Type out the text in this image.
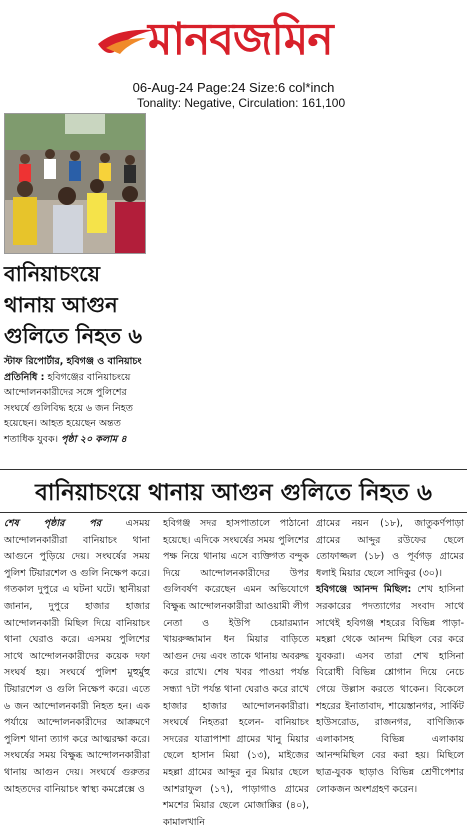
মানবজমিন
06-Aug-24 Page:24 Size:6 col*inch
Tonality: Negative, Circulation: 161,100
বানিয়াচংয়ে
থানায় আগুন
গুলিতে নিহত ৬
স্টাফ রিপোর্টার, হবিগঞ্জ ও বানিয়াচং প্রতিনিধি : হবিগঞ্জের বানিয়াচংয়ে আন্দোলনকারীদের সঙ্গে পুলিশের সংঘর্ষে গুলিবিদ্ধ হয়ে ৬ জন নিহত হয়েছেন। আহত হয়েছেন অন্তত শতাধিক যুবক। পৃষ্ঠা ২০ কলাম ৪
বানিয়াচংয়ে থানায় আগুন গুলিতে নিহত ৬
শেষ পৃষ্ঠার পর	এসময় আন্দোলনকারীরা বানিয়াচং থানা আগুনে পুড়িয়ে দেয়। সংঘর্ষের সময় পুলিশ টিয়ারশেল ও গুলি নিক্ষেপ করে। গতকাল দুপুরে এ ঘটনা ঘটে। স্থানীয়রা জানান, দুপুরে হাজার হাজার আন্দোলনকারী মিছিল দিয়ে বানিয়াচং থানা ঘেরাও করে। এসময় পুলিশের সাথে আন্দোলনকারীদের কয়েক দফা সংঘর্ষ হয়। সংঘর্ষে পুলিশ মুহুর্মুহু টিয়ারশেল ও গুলি নিক্ষেপ করে। এতে ৬ জন আন্দোলনকারী নিহত হন। এক পর্যায়ে আন্দোলনকারীদের আক্রমণে পুলিশ থানা ত্যাগ করে আত্মরক্ষা করে। সংঘর্ষের সময় বিক্ষুব্ধ আন্দোলনকারীরা থানায় আগুন দেয়। সংঘর্ষে গুরুতর আহতদের বানিয়াচং স্বাস্থ্য কমপ্লেক্সে ও
হবিগঞ্জ সদর হাসপাতালে পাঠানো হয়েছে। এদিকে সংঘর্ষের সময় পুলিশের পক্ষ নিয়ে থানায় এসে ব্যক্তিগত বন্দুক দিয়ে আন্দোলনকারীদের উপর গুলিবর্ষণ করেছেন এমন অভিযোগে বিক্ষুব্ধ আন্দোলনকারীরা আওয়ামী লীগ নেতা ও ইউপি চেয়ারম্যান খায়রুজ্জামান ধন মিয়ার বাড়িতে আগুন দেয় এবং তাকে থানায় অবরুদ্ধ করে রাখে। শেষ খবর পাওয়া পর্যন্ত সন্ধ্যা ৭টা পর্যন্ত থানা ঘেরাও করে রাখে হাজার হাজার আন্দোলনকারীরা। সংঘর্ষে নিহতরা হলেন- বানিয়াচং সদরের যাত্রাপাশা গ্রামের খানু মিয়ার ছেলে হাসান মিয়া (১৩), মাইজের মহল্লা গ্রামের আব্দুর নুর মিয়ার ছেলে আশরাফুল (১৭), পাড়াগাও গ্রামের শমশের মিয়ার ছেলে মোজাক্কির (৪০), কামালখানি
গ্রামের নয়ন (১৮), জাতুকর্ণপাড়া গ্রামের আব্দুর রউফের ছেলে তোফাজ্জল (১৮) ও পূর্বগড় গ্রামের ধলাই মিয়ার ছেলে সাদিকুর (৩০)।
হবিগঞ্জে আনন্দ মিছিল: শেখ হাসিনা সরকারের পদত্যাগের সংবাদ সাথে সাথেই হবিগঞ্জ শহরের বিভিন্ন পাড়া-মহল্লা থেকে আনন্দ মিছিল বের করে যুবকরা। এসব তারা শেখ হাসিনা বিরোধী বিভিন্ন শ্লোগান দিয়ে নেচে গেয়ে উল্লাস করতে থাকেন। বিকেলে শহরের ইনাতাবাদ, শায়েস্তানগর, সার্কিট হাউসরোড, রাজনগর, বাণিজ্যিক এলাকাসহ বিভিন্ন এলাকায় আনন্দমিছিল বের করা হয়। মিছিলে ছাত্র-যুবক ছাড়াও বিভিন্ন শ্রেণীপেশার লোকজন অংশগ্রহণ করেন।
